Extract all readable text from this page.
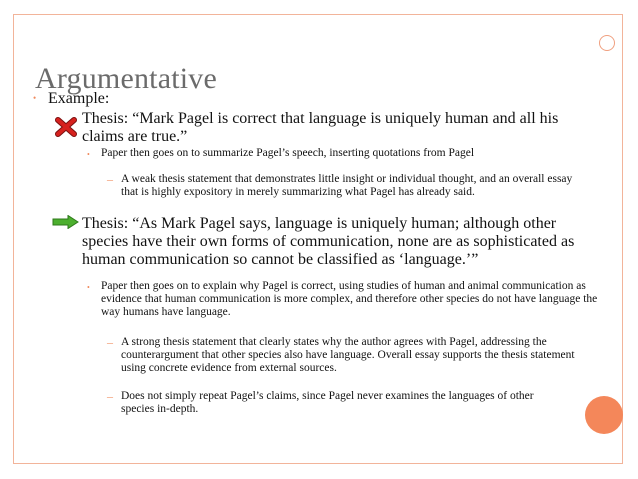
Argumentative
• Example:
Thesis: “Mark Pagel is correct that language is uniquely human and all his claims are true.”
• Paper then goes on to summarize Pagel’s speech, inserting quotations from Pagel
– A weak thesis statement that demonstrates little insight or individual thought, and an overall essay that is highly expository in merely summarizing what Pagel has already said.
Thesis: “As Mark Pagel says, language is uniquely human; although other species have their own forms of communication, none are as sophisticated as human communication so cannot be classified as ‘language.’”
• Paper then goes on to explain why Pagel is correct, using studies of human and animal communication as evidence that human communication is more complex, and therefore other species do not have language the way humans have language.
– A strong thesis statement that clearly states why the author agrees with Pagel, addressing the counterargument that other species also have language. Overall essay supports the thesis statement using concrete evidence from external sources.
– Does not simply repeat Pagel’s claims, since Pagel never examines the languages of other species in-depth.
